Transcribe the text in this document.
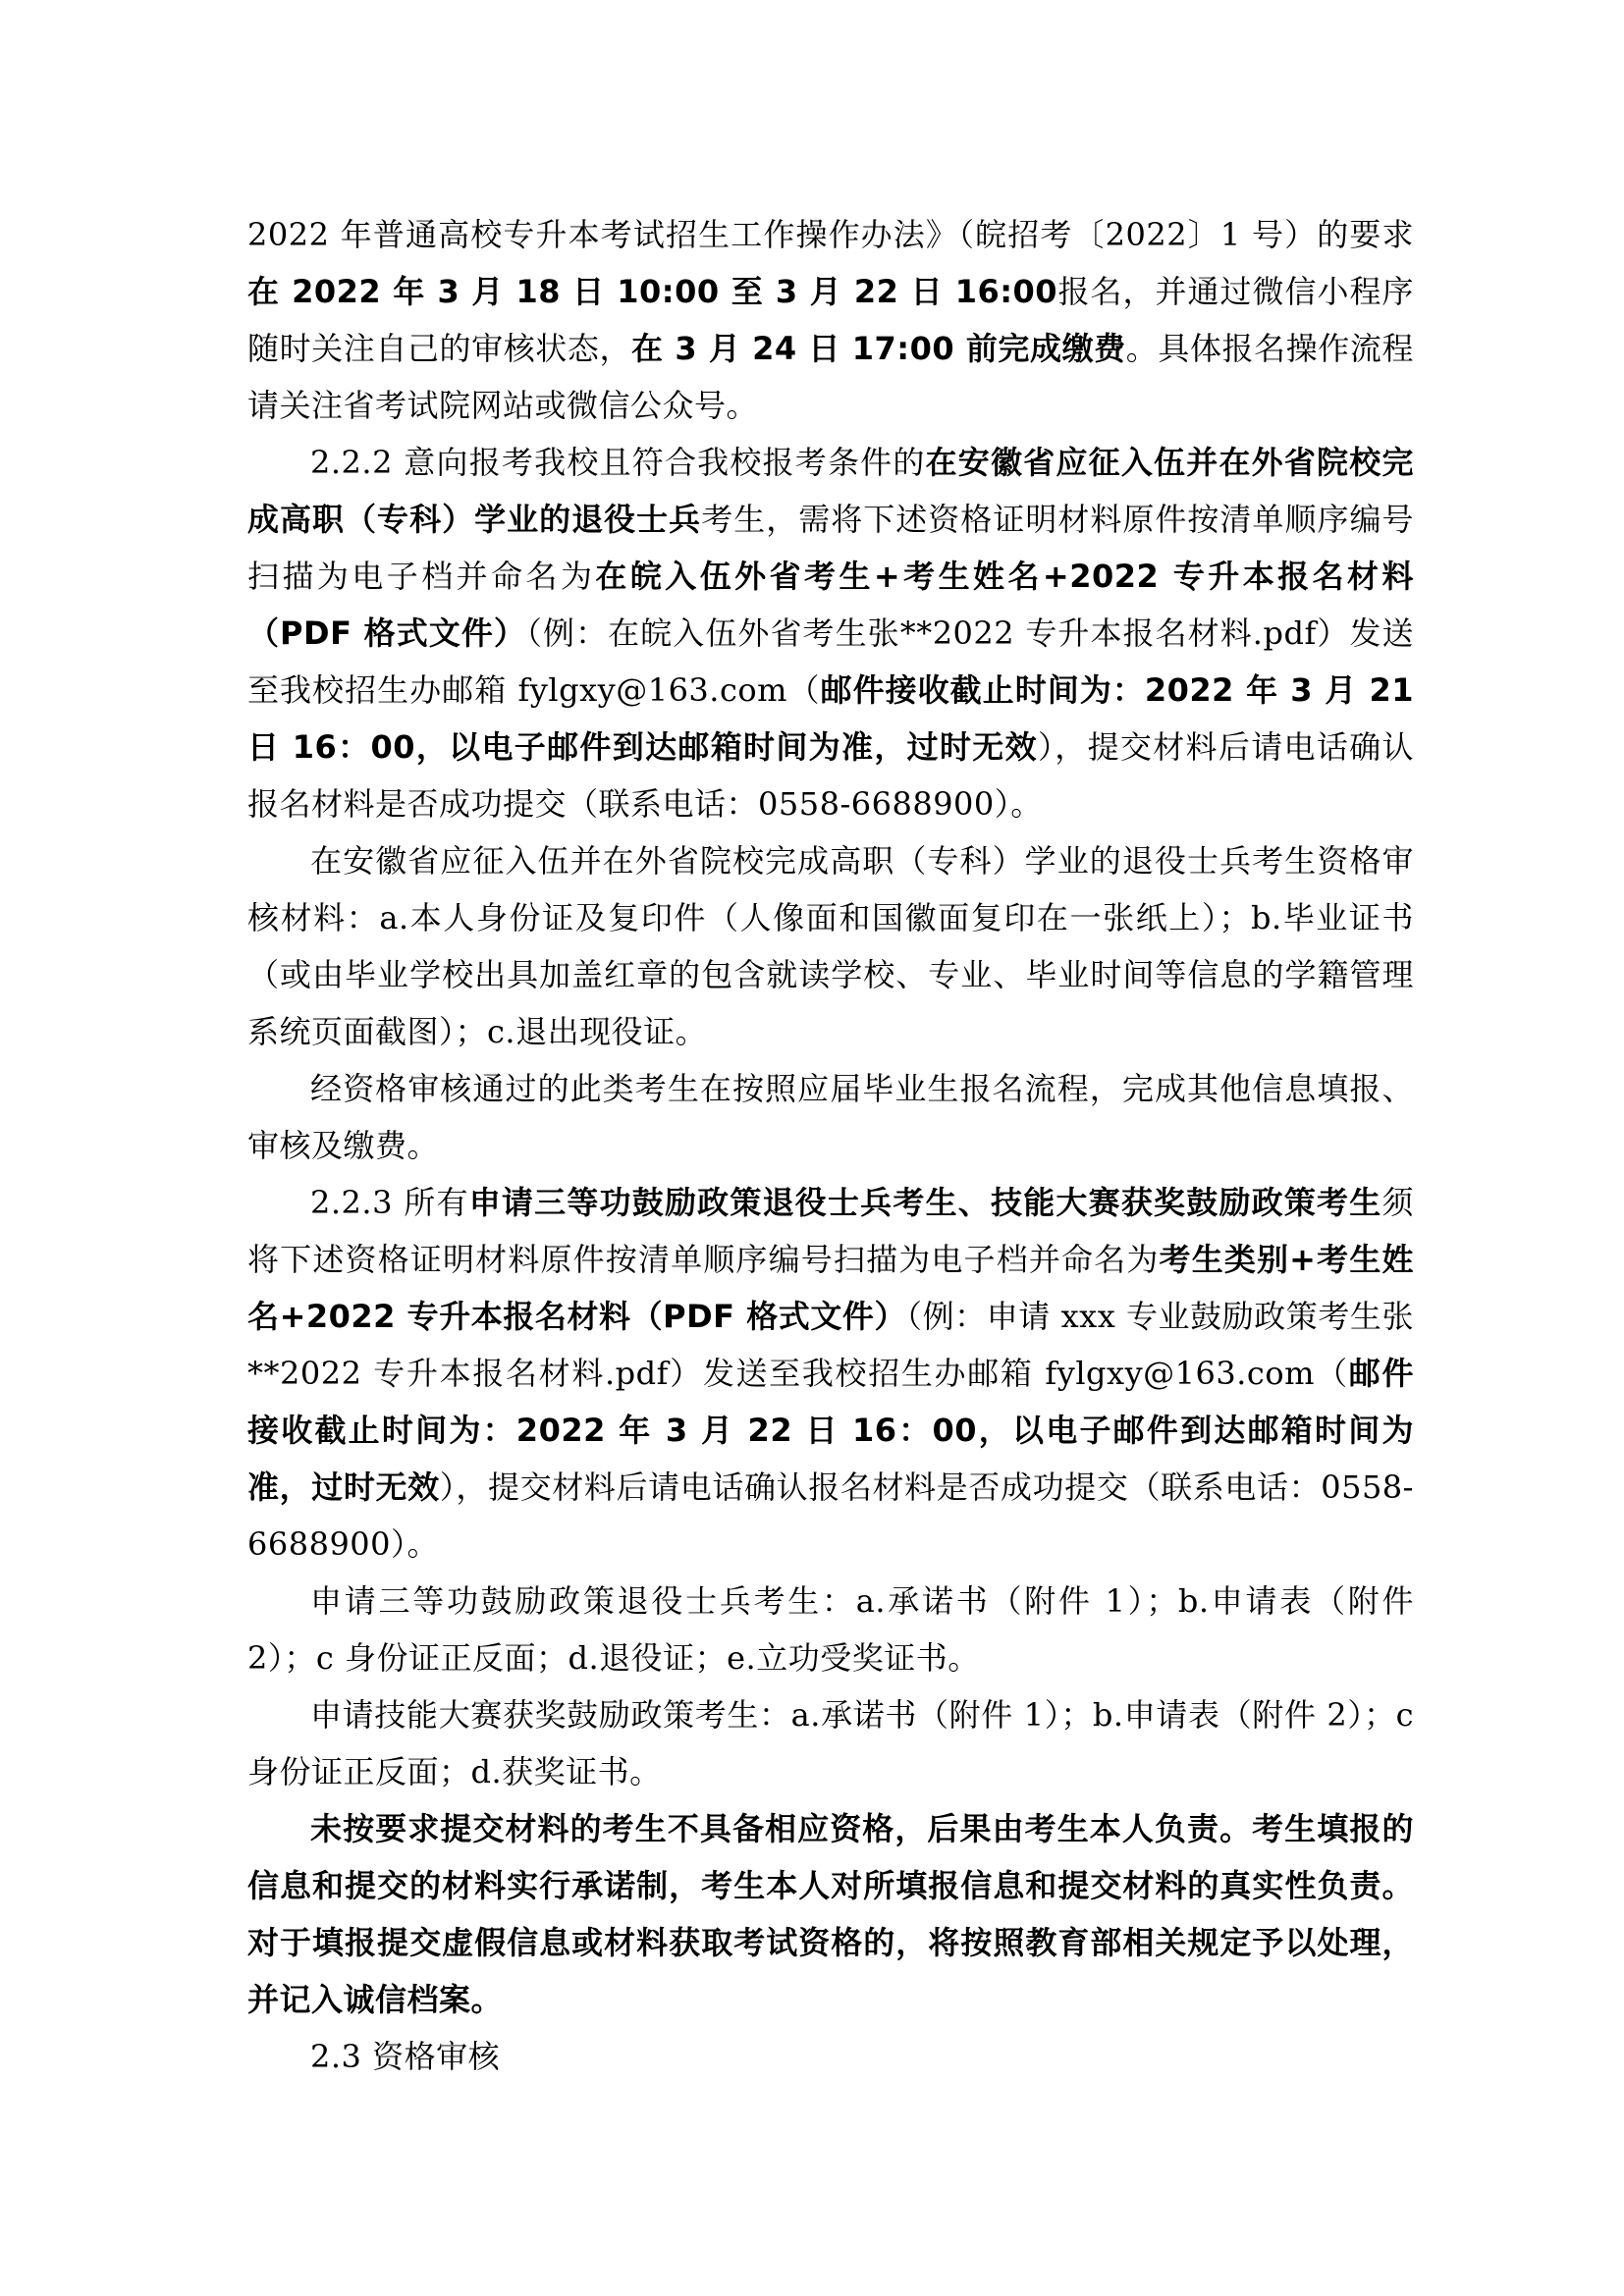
2022 年普通高校专升本考试招生工作操作办法》（皖招考〔2022〕1 号）的要求在 2022 年 3 月 18 日 10:00 至 3 月 22 日 16:00报名，并通过微信小程序随时关注自己的审核状态，在 3 月 24 日 17:00 前完成缴费。具体报名操作流程请关注省考试院网站或微信公众号。

2.2.2 意向报考我校且符合我校报考条件的在安徽省应征入伍并在外省院校完成高职（专科）学业的退役士兵考生，需将下述资格证明材料原件按清单顺序编号扫描为电子档并命名为在皖入伍外省考生+考生姓名+2022 专升本报名材料（PDF 格式文件）（例：在皖入伍外省考生张**2022 专升本报名材料.pdf）发送至我校招生办邮箱 fylgxy@163.com（邮件接收截止时间为：2022 年 3 月 21 日 16：00，以电子邮件到达邮箱时间为准，过时无效），提交材料后请电话确认报名材料是否成功提交（联系电话：0558-6688900）。

在安徽省应征入伍并在外省院校完成高职（专科）学业的退役士兵考生资格审核材料：a.本人身份证及复印件（人像面和国徽面复印在一张纸上）；b.毕业证书（或由毕业学校出具加盖红章的包含就读学校、专业、毕业时间等信息的学籍管理系统页面截图）；c.退出现役证。

经资格审核通过的此类考生在按照应届毕业生报名流程，完成其他信息填报、审核及缴费。

2.2.3 所有申请三等功鼓励政策退役士兵考生、技能大赛获奖鼓励政策考生须将下述资格证明材料原件按清单顺序编号扫描为电子档并命名为考生类别+考生姓名+2022 专升本报名材料（PDF 格式文件）（例：申请 xxx 专业鼓励政策考生张**2022 专升本报名材料.pdf）发送至我校招生办邮箱 fylgxy@163.com（邮件接收截止时间为：2022 年 3 月 22 日 16：00，以电子邮件到达邮箱时间为准，过时无效），提交材料后请电话确认报名材料是否成功提交（联系电话：0558-6688900）。

申请三等功鼓励政策退役士兵考生：a.承诺书（附件 1）；b.申请表（附件 2）；c 身份证正反面；d.退役证；e.立功受奖证书。

申请技能大赛获奖鼓励政策考生：a.承诺书（附件 1）；b.申请表（附件 2）；c 身份证正反面；d.获奖证书。

未按要求提交材料的考生不具备相应资格，后果由考生本人负责。考生填报的信息和提交的材料实行承诺制，考生本人对所填报信息和提交材料的真实性负责。对于填报提交虚假信息或材料获取考试资格的，将按照教育部相关规定予以处理，并记入诚信档案。

2.3 资格审核
